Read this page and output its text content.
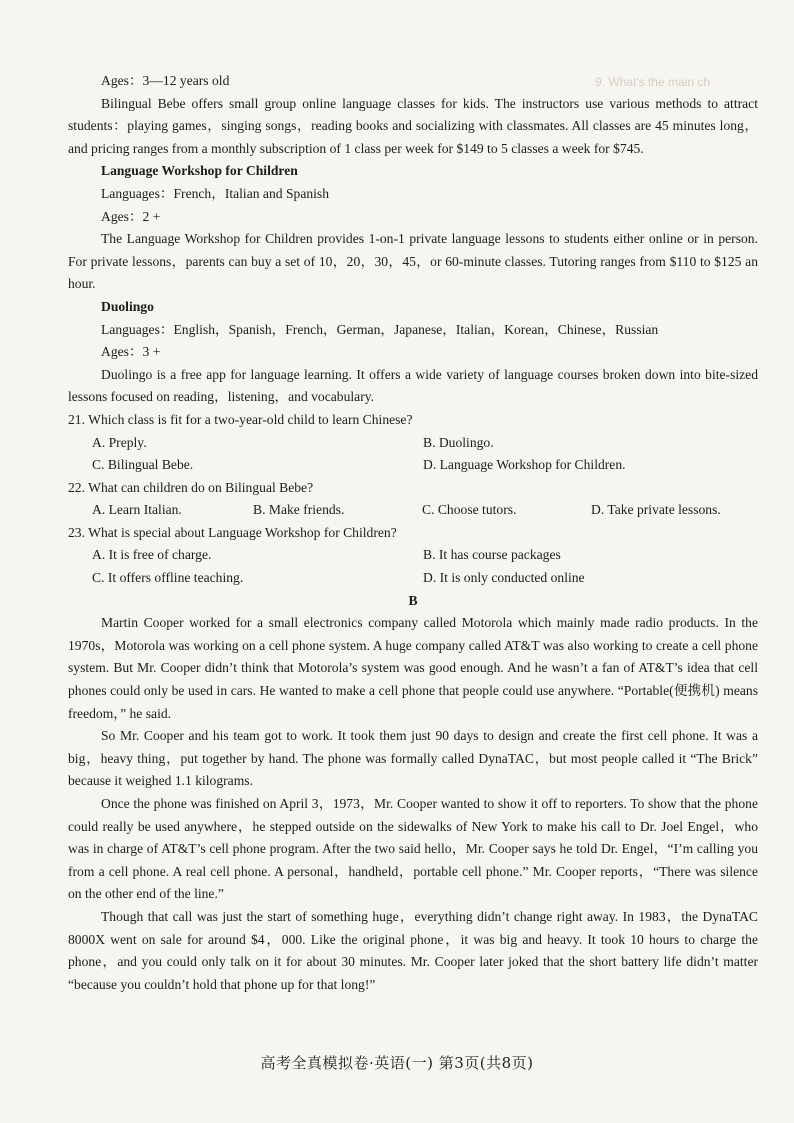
9. What's the main ch

Ages：3—12 years old

Bilingual Bebe offers small group online language classes for kids. The instructors use various methods to attract students：playing games，singing songs，reading books and socializing with classmates. All classes are 45 minutes long，and pricing ranges from a monthly subscription of 1 class per week for $149 to 5 classes a week for $745.

Language Workshop for Children

Languages：French，Italian and Spanish

Ages：2 +

The Language Workshop for Children provides 1-on-1 private language lessons to students either online or in person. For private lessons，parents can buy a set of 10，20，30，45，or 60-minute classes. Tutoring ranges from $110 to $125 an hour.

Duolingo

Languages：English，Spanish，French，German，Japanese，Italian，Korean，Chinese，Russian

Ages：3 +

Duolingo is a free app for language learning. It offers a wide variety of language courses broken down into bite-sized lessons focused on reading，listening，and vocabulary.

21. Which class is fit for a two-year-old child to learn Chinese?

A. Preply.	B. Duolingo.

C. Bilingual Bebe.	D. Language Workshop for Children.

22. What can children do on Bilingual Bebe?

A. Learn Italian.	B. Make friends.	C. Choose tutors.	D. Take private lessons.

23. What is special about Language Workshop for Children?

A. It is free of charge.	B. It has course packages

C. It offers offline teaching.	D. It is only conducted online

B

Martin Cooper worked for a small electronics company called Motorola which mainly made radio products. In the 1970s，Motorola was working on a cell phone system. A huge company called AT&T was also working to create a cell phone system. But Mr. Cooper didn’t think that Motorola’s system was good enough. And he wasn’t a fan of AT&T’s idea that cell phones could only be used in cars. He wanted to make a cell phone that people could use anywhere. “Portable(便携机) means freedom，” he said.

So Mr. Cooper and his team got to work. It took them just 90 days to design and create the first cell phone. It was a big，heavy thing，put together by hand. The phone was formally called DynaTAC，but most people called it “The Brick” because it weighed 1.1 kilograms.

Once the phone was finished on April 3，1973，Mr. Cooper wanted to show it off to reporters. To show that the phone could really be used anywhere，he stepped outside on the sidewalks of New York to make his call to Dr. Joel Engel，who was in charge of AT&T’s cell phone program. After the two said hello，Mr. Cooper says he told Dr. Engel，“I’m calling you from a cell phone. A real cell phone. A personal，handheld，portable cell phone.” Mr. Cooper reports，“There was silence on the other end of the line.”

Though that call was just the start of something huge，everything didn’t change right away. In 1983，the DynaTAC 8000X went on sale for around $4，000. Like the original phone，it was big and heavy. It took 10 hours to charge the phone，and you could only talk on it for about 30 minutes. Mr. Cooper later joked that the short battery life didn’t matter “because you couldn’t hold that phone up for that long!”

高考全真模拟卷·英语(一) 第3页(共8页)
